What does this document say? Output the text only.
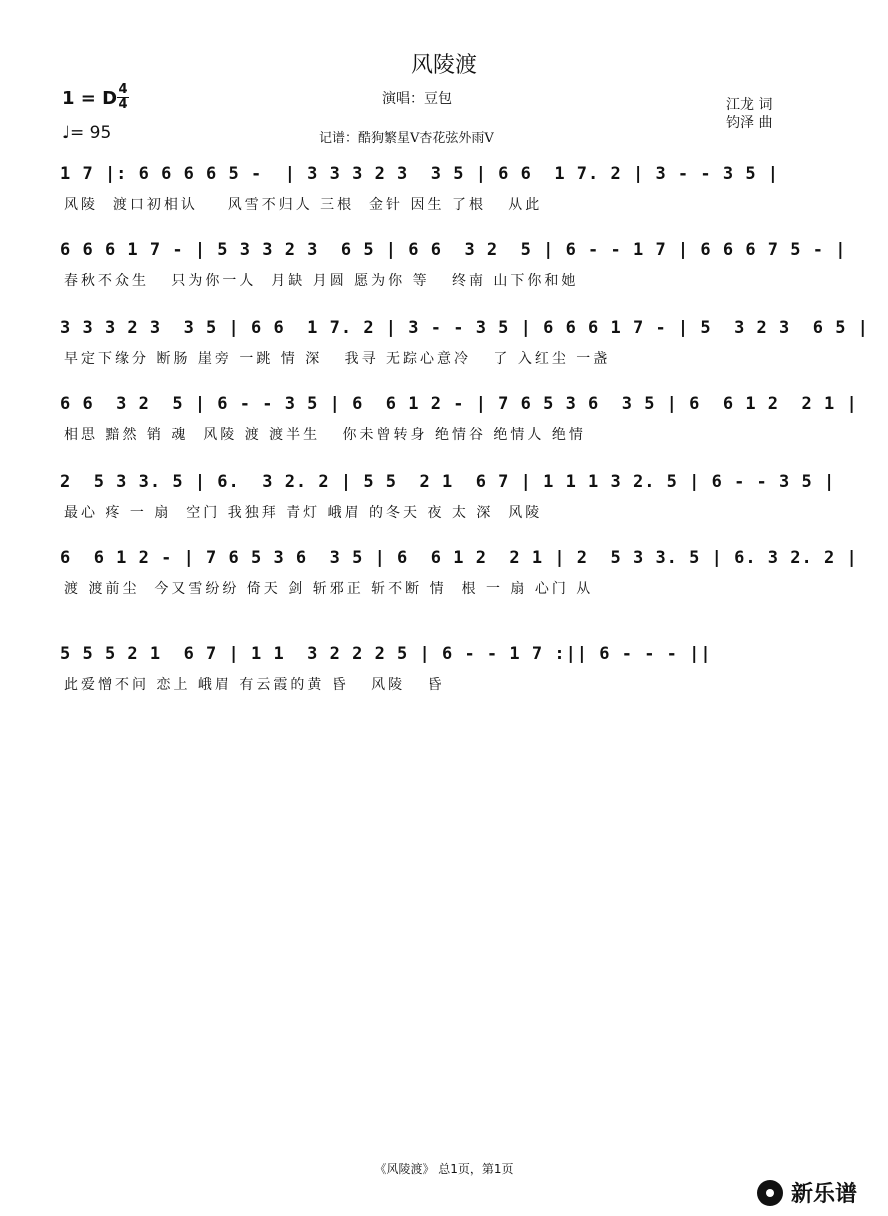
风陵渡
1 = D 4
4	演唱：豆包	江龙 词
钧泽 曲
♩= 95	记谱：酷狗繁星V杏花弦外雨V
1 7 |: 6 6 6 6 5 -  | 3 3 3 2 3  3 5 | 6 6  1 7. 2 | 3 - - 3 5 |
风陵  渡口初相认    风雪不归人 三根  金针 因生 了根   从此
6 6 6 1 7 - | 5 3 3 2 3  6 5 | 6 6  3 2  5 | 6 - - 1 7 | 6 6 6 7 5 - |
春秋不众生   只为你一人  月缺 月圆 愿为你 等   终南 山下你和她
3 3 3 2 3  3 5 | 6 6  1 7. 2 | 3 - - 3 5 | 6 6 6 1 7 - | 5  3 2 3  6 5 |
早定下缘分 断肠 崖旁 一跳 情 深   我寻 无踪心意冷   了 入红尘 一盏
6 6  3 2  5 | 6 - - 3 5 | 6  6 1 2 - | 7 6 5 3 6  3 5 | 6  6 1 2  2 1 |
相思 黯然 销 魂  风陵 渡 渡半生   你未曾转身 绝情谷 绝情人 绝情
2  5 3 3. 5 | 6.  3 2. 2 | 5 5  2 1  6 7 | 1 1 1 3 2. 5 | 6 - - 3 5 |
最心 疼 一 扇  空门 我独拜 青灯 峨眉 的冬天 夜 太 深  风陵
6  6 1 2 - | 7 6 5 3 6  3 5 | 6  6 1 2  2 1 | 2  5 3 3. 5 | 6. 3 2. 2 |
渡 渡前尘  今又雪纷纷 倚天 剑 斩邪正 斩不断 情  根 一 扇 心门 从
5 5 5 2 1  6 7 | 1 1  3 2 2 2 5 | 6 - - 1 7 :|| 6 - - - ||
此爱憎不问 恋上 峨眉 有云霞的黄 昏   风陵   昏
《风陵渡》 总1页，第1页
新乐谱
